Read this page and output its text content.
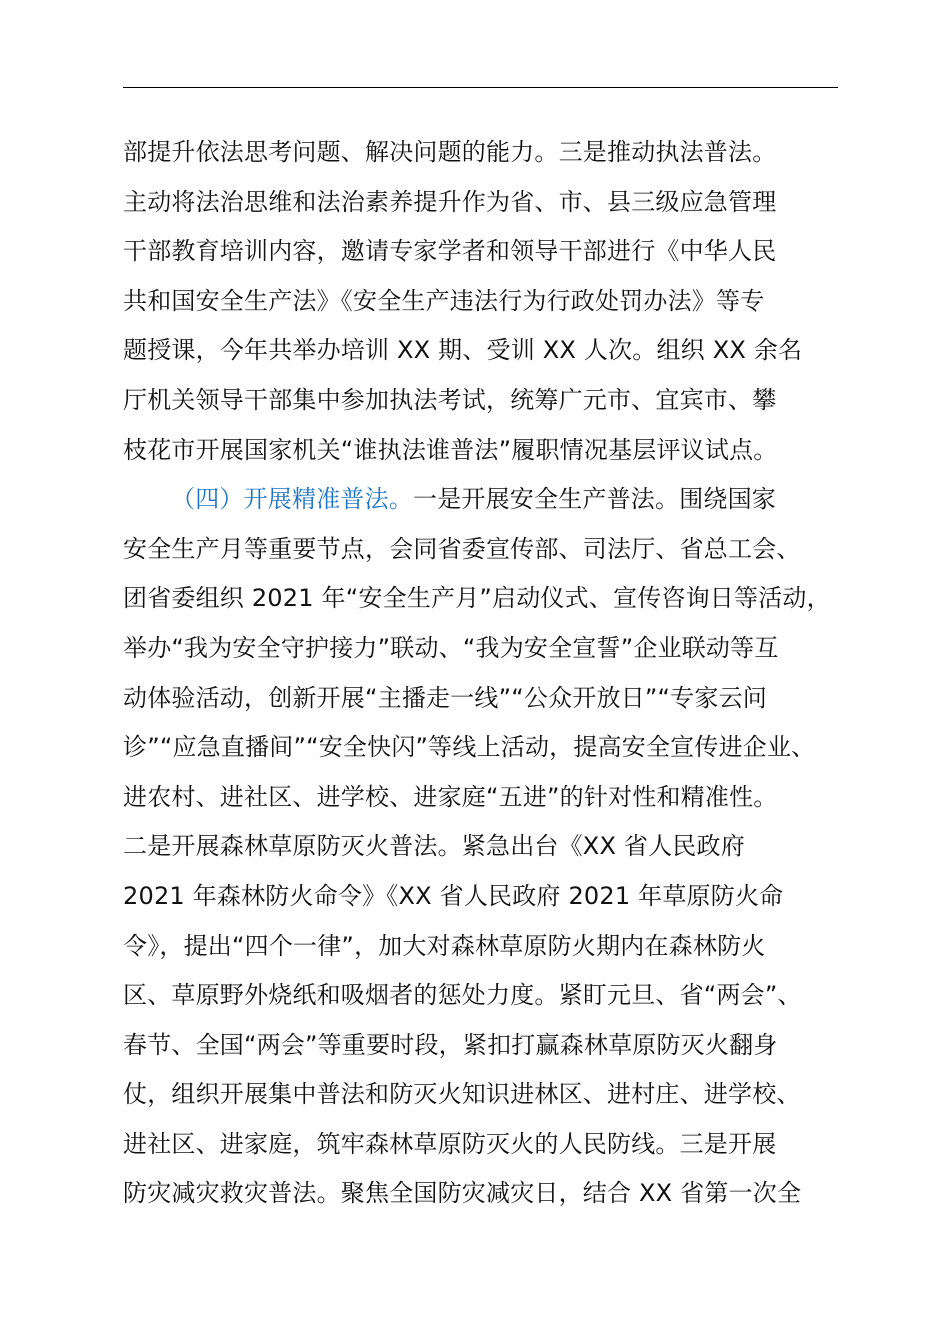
部提升依法思考问题、解决问题的能力。三是推动执法普法。
主动将法治思维和法治素养提升作为省、市、县三级应急管理
干部教育培训内容，邀请专家学者和领导干部进行《中华人民
共和国安全生产法》《安全生产违法行为行政处罚办法》等专
题授课，今年共举办培训 XX 期、受训 XX 人次。组织 XX 余名
厅机关领导干部集中参加执法考试，统筹广元市、宜宾市、攀
枝花市开展国家机关“谁执法谁普法”履职情况基层评议试点。
（四）开展精准普法。一是开展安全生产普法。围绕国家
安全生产月等重要节点，会同省委宣传部、司法厅、省总工会、
团省委组织 2021 年“安全生产月”启动仪式、宣传咨询日等活动，
举办“我为安全守护接力”联动、“我为安全宣誓”企业联动等互
动体验活动，创新开展“主播走一线”“公众开放日”“专家云问
诊”“应急直播间”“安全快闪”等线上活动，提高安全宣传进企业、
进农村、进社区、进学校、进家庭“五进”的针对性和精准性。
二是开展森林草原防灭火普法。紧急出台《XX 省人民政府
2021 年森林防火命令》《XX 省人民政府 2021 年草原防火命
令》，提出“四个一律”，加大对森林草原防火期内在森林防火
区、草原野外烧纸和吸烟者的惩处力度。紧盯元旦、省“两会”、
春节、全国“两会”等重要时段，紧扣打赢森林草原防灭火翻身
仗，组织开展集中普法和防灭火知识进林区、进村庄、进学校、
进社区、进家庭，筑牢森林草原防灭火的人民防线。三是开展
防灾减灾救灾普法。聚焦全国防灾减灾日，结合 XX 省第一次全
